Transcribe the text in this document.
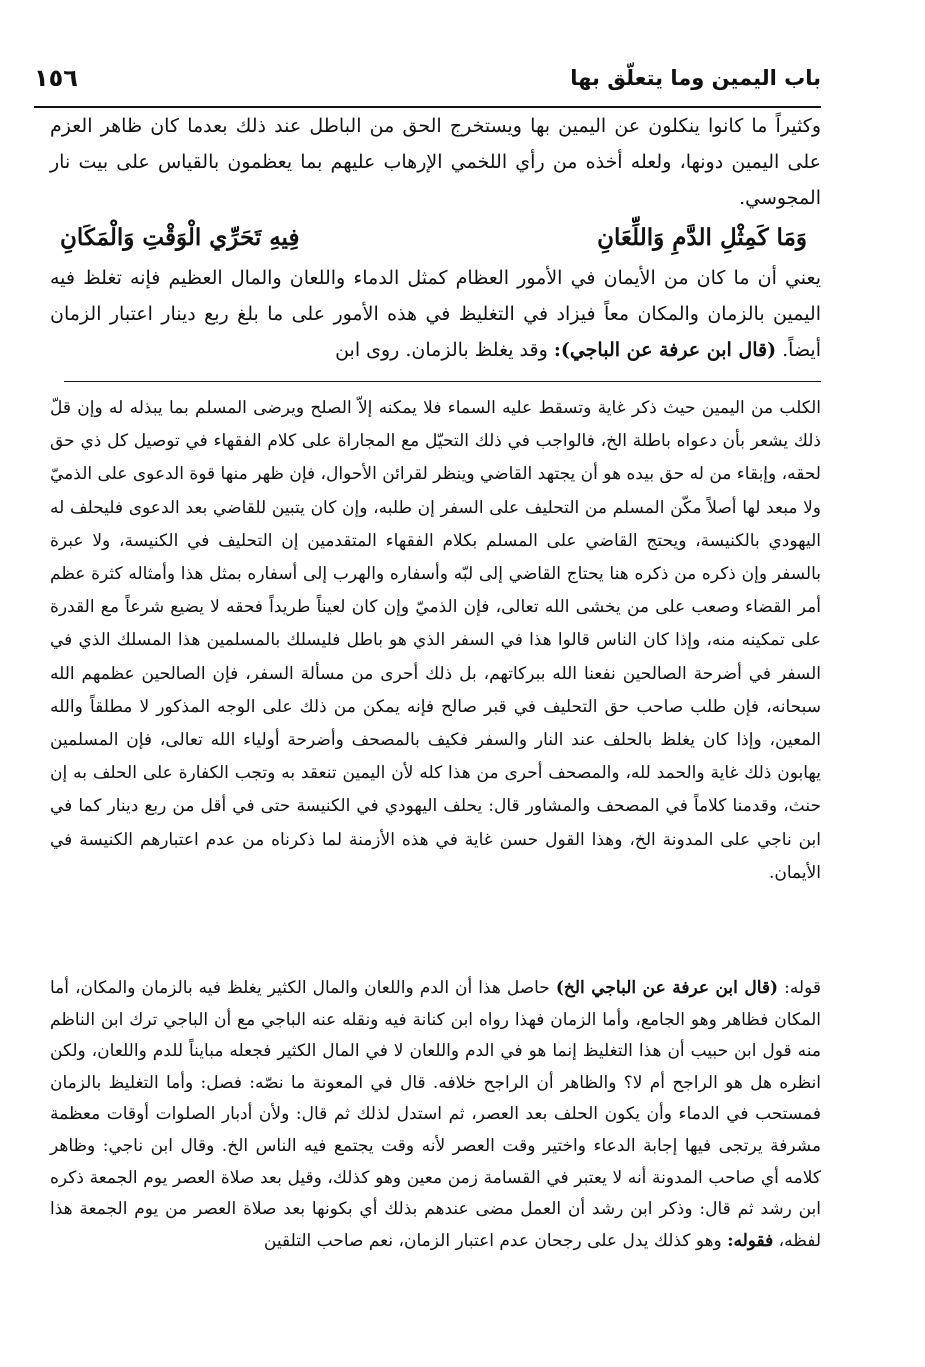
باب اليمين وما يتعلّق بها
١٥٦

وكثيراً ما كانوا ينكلون عن اليمين بها ويستخرج الحق من الباطل عند ذلك بعدما كان ظاهر العزم على اليمين دونها، ولعله أخذه من رأي اللخمي الإرهاب عليهم بما يعظمون بالقياس على بيت نار المجوسي.

وَمَا كَمِثْلِ الدَّمِ وَاللِّعَانِ
فِيهِ تَحَرِّي الْوَقْتِ وَالْمَكَانِ

يعني أن ما كان من الأيمان في الأمور العظام كمثل الدماء واللعان والمال العظيم فإنه تغلظ فيه اليمين بالزمان والمكان معاً فيزاد في التغليظ في هذه الأمور على ما بلغ ربع دينار اعتبار الزمان أيضاً. (قال ابن عرفة عن الباجي): وقد يغلظ بالزمان. روى ابن

الكلب من اليمين حيث ذكر غاية وتسقط عليه السماء فلا يمكنه إلاّ الصلح ويرضى المسلم بما يبذله له وإن قلّ ذلك يشعر بأن دعواه باطلة الخ، فالواجب في ذلك التحيّل مع المجاراة على كلام الفقهاء في توصيل كل ذي حق لحقه، وإبقاء من له حق بيده هو أن يجتهد القاضي وينظر لقرائن الأحوال، فإن ظهر منها قوة الدعوى على الذميّ ولا مبعد لها أصلاً مكّن المسلم من التحليف على السفر إن طلبه، وإن كان يتبين للقاضي بعد الدعوى فليحلف له اليهودي بالكنيسة، ويحتج القاضي على المسلم بكلام الفقهاء المتقدمين إن التحليف في الكنيسة، ولا عبرة بالسفر وإن ذكره من ذكره هنا يحتاج القاضي إلى لبّه وأسفاره والهرب إلى أسفاره بمثل هذا وأمثاله كثرة عظم أمر القضاء وصعب على من يخشى الله تعالى، فإن الذميّ وإن كان لعيناً طريداً فحقه لا يضيع شرعاً مع القدرة على تمكينه منه، وإذا كان الناس قالوا هذا في السفر الذي هو باطل فليسلك بالمسلمين هذا المسلك الذي في السفر في أضرحة الصالحين نفعنا الله ببركاتهم، بل ذلك أحرى من مسألة السفر، فإن الصالحين عظمهم الله سبحانه، فإن طلب صاحب حق التحليف في قبر صالح فإنه يمكن من ذلك على الوجه المذكور لا مطلقاً والله المعين، وإذا كان يغلظ بالحلف عند النار والسفر فكيف بالمصحف وأضرحة أولياء الله تعالى، فإن المسلمين يهابون ذلك غاية والحمد لله، والمصحف أحرى من هذا كله لأن اليمين تنعقد به وتجب الكفارة على الحلف به إن حنث، وقدمنا كلاماً في المصحف والمشاور قال: يحلف اليهودي في الكنيسة حتى في أقل من ربع دينار كما في ابن ناجي على المدونة الخ، وهذا القول حسن غاية في هذه الأزمنة لما ذكرناه من عدم اعتبارهم الكنيسة في الأيمان.

قوله: (قال ابن عرفة عن الباجي الخ) حاصل هذا أن الدم واللعان والمال الكثير يغلظ فيه بالزمان والمكان، أما المكان فظاهر وهو الجامع، وأما الزمان فهذا رواه ابن كنانة فيه ونقله عنه الباجي مع أن الباجي ترك ابن الناظم منه قول ابن حبيب أن هذا التغليظ إنما هو في الدم واللعان لا في المال الكثير فجعله مبايناً للدم واللعان، ولكن انظره هل هو الراجح أم لا؟ والظاهر أن الراجح خلافه. قال في المعونة ما نصّه: فصل: وأما التغليظ بالزمان فمستحب في الدماء وأن يكون الحلف بعد العصر، ثم استدل لذلك ثم قال: ولأن أدبار الصلوات أوقات معظمة مشرفة يرتجى فيها إجابة الدعاء واختير وقت العصر لأنه وقت يجتمع فيه الناس الخ. وقال ابن ناجي: وظاهر كلامه أي صاحب المدونة أنه لا يعتبر في القسامة زمن معين وهو كذلك، وقيل بعد صلاة العصر يوم الجمعة ذكره ابن رشد ثم قال: وذكر ابن رشد أن العمل مضى عندهم بذلك أي بكونها بعد صلاة العصر من يوم الجمعة هذا لفظه، فقوله: وهو كذلك يدل على رجحان عدم اعتبار الزمان، نعم صاحب التلقين
